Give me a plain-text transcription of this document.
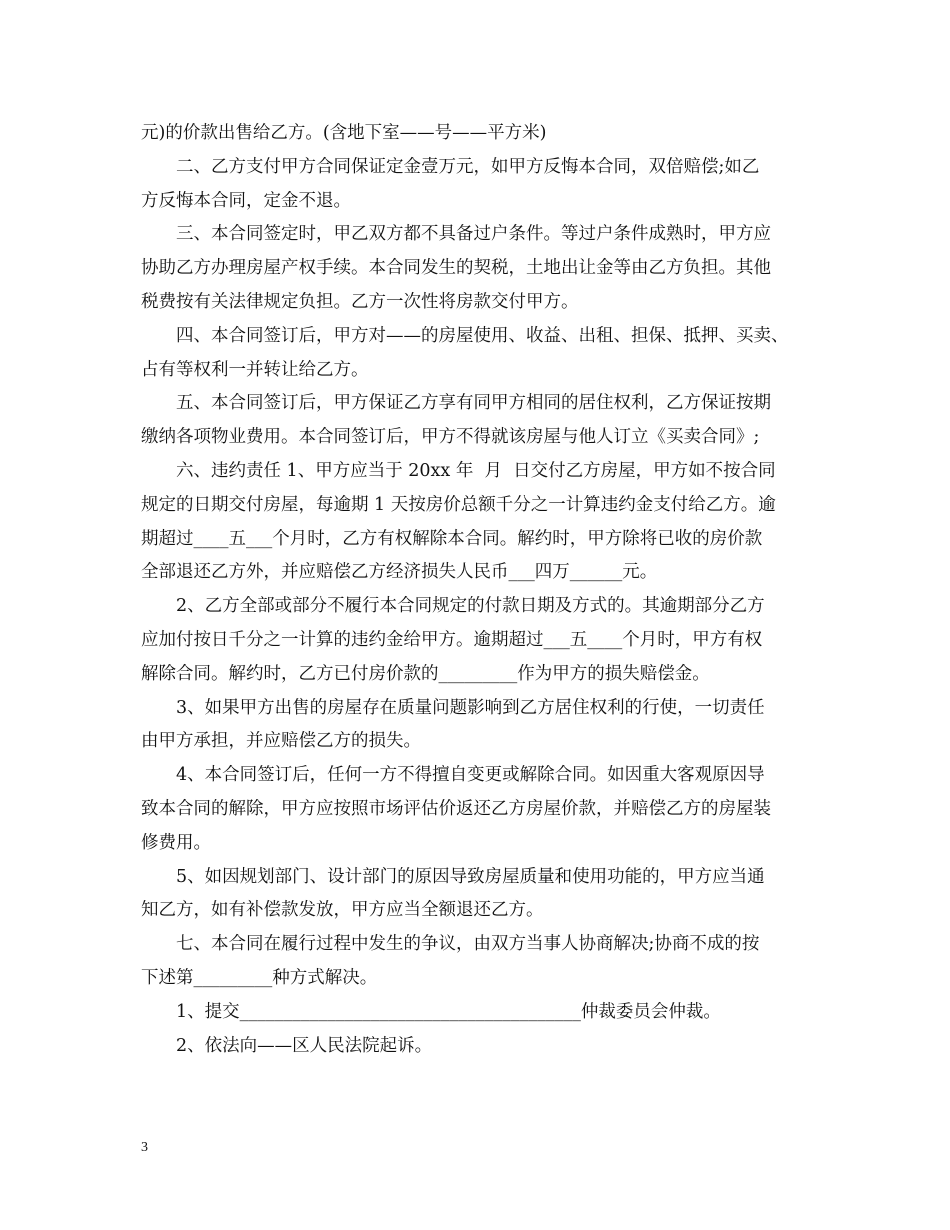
元)的价款出售给乙方。(含地下室——号——平方米)
二、乙方支付甲方合同保证定金壹万元，如甲方反悔本合同，双倍赔偿;如乙
方反悔本合同，定金不退。
三、本合同签定时，甲乙双方都不具备过户条件。等过户条件成熟时，甲方应
协助乙方办理房屋产权手续。本合同发生的契税，土地出让金等由乙方负担。其他
税费按有关法律规定负担。乙方一次性将房款交付甲方。
四、本合同签订后，甲方对——的房屋使用、收益、出租、担保、抵押、买卖、
占有等权利一并转让给乙方。
五、本合同签订后，甲方保证乙方享有同甲方相同的居住权利，乙方保证按期
缴纳各项物业费用。本合同签订后，甲方不得就该房屋与他人订立《买卖合同》;
六、违约责任 1、甲方应当于 20xx 年  月  日交付乙方房屋，甲方如不按合同
规定的日期交付房屋，每逾期 1 天按房价总额千分之一计算违约金支付给乙方。逾
期超过____五___个月时，乙方有权解除本合同。解约时，甲方除将已收的房价款
全部退还乙方外，并应赔偿乙方经济损失人民币___四万______元。
2、乙方全部或部分不履行本合同规定的付款日期及方式的。其逾期部分乙方
应加付按日千分之一计算的违约金给甲方。逾期超过___五____个月时，甲方有权
解除合同。解约时，乙方已付房价款的_________作为甲方的损失赔偿金。
3、如果甲方出售的房屋存在质量问题影响到乙方居住权利的行使，一切责任
由甲方承担，并应赔偿乙方的损失。
4、本合同签订后，任何一方不得擅自变更或解除合同。如因重大客观原因导
致本合同的解除，甲方应按照市场评估价返还乙方房屋价款，并赔偿乙方的房屋装
修费用。
5、如因规划部门、设计部门的原因导致房屋质量和使用功能的，甲方应当通
知乙方，如有补偿款发放，甲方应当全额退还乙方。
七、本合同在履行过程中发生的争议，由双方当事人协商解决;协商不成的按
下述第_________种方式解决。
1、提交_______________________________________仲裁委员会仲裁。
2、依法向——区人民法院起诉。
3
